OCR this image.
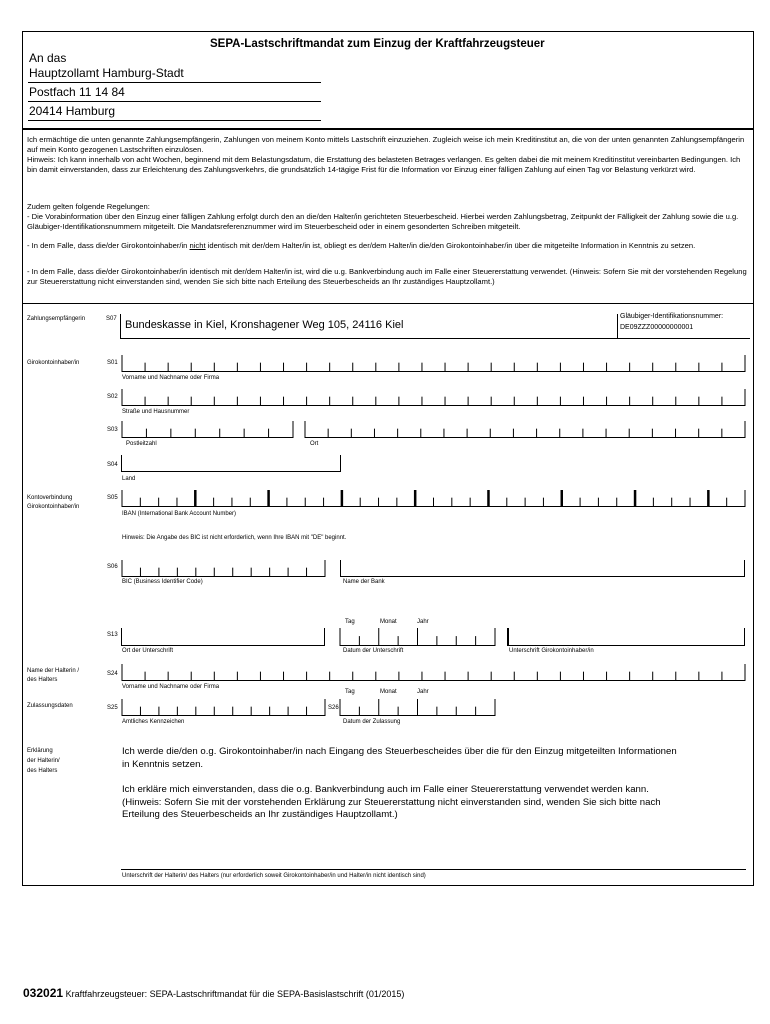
SEPA-Lastschriftmandat zum Einzug der Kraftfahrzeugsteuer
An das
Hauptzollamt Hamburg-Stadt
Postfach 11 14 84
20414 Hamburg
Ich ermächtige die unten genannte Zahlungsempfängerin, Zahlungen von meinem Konto mittels Lastschrift einzuziehen. Zugleich weise ich mein Kreditinstitut an, die von der unten genannten Zahlungsempfängerin auf mein Konto gezogenen Lastschriften einzulösen.
Hinweis: Ich kann innerhalb von acht Wochen, beginnend mit dem Belastungsdatum, die Erstattung des belasteten Betrages verlangen. Es gelten dabei die mit meinem Kreditinstitut vereinbarten Bedingungen. Ich bin damit einverstanden, dass zur Erleichterung des Zahlungsverkehrs, die grundsätzlich 14-tägige Frist für die Information vor Einzug einer fälligen Zahlung auf einen Tag vor Belastung verkürzt wird.
Zudem gelten folgende Regelungen:
- Die Vorabinformation über den Einzug einer fälligen Zahlung erfolgt durch den an die/den Halter/in gerichteten Steuerbescheid. Hierbei werden Zahlungsbetrag, Zeitpunkt der Fälligkeit der Zahlung sowie die u.g. Gläubiger-Identifikationsnummern mitgeteilt. Die Mandatsreferenznummer wird im Steuerbescheid oder in einem gesonderten Schreiben mitgeteilt.
- In dem Falle, dass die/der Girokontoinhaber/in nicht identisch mit der/dem Halter/in ist, obliegt es der/dem Halter/in die/den Girokontoinhaber/in über die mitgeteilte Information in Kenntnis zu setzen.
- In dem Falle, dass die/der Girokontoinhaber/in identisch mit der/dem Halter/in ist, wird die u.g. Bankverbindung auch im Falle einer Steuererstattung verwendet. (Hinweis: Sofern Sie mit der vorstehenden Regelung zur Steuererstattung nicht einverstanden sind, wenden Sie sich bitte nach Erteilung des Steuerbescheids an Ihr zuständiges Hauptzollamt.)
Zahlungsempfängerin	S07 Bundeskasse in Kiel, Kronshagener Weg 105, 24116 Kiel
Gläubiger-Identifikationsnummer:
DE09ZZZ00000000001
Girokontoinhaber/in	S01
Vorname und Nachname oder Firma
S02
Straße und Hausnummer
S03
Postleitzahl	Ort
S04
Land
Kontoverbindung
Girokontoinhaber/in
S05
IBAN (International Bank Account Number)
Hinweis: Die Angabe des BIC ist nicht erforderlich, wenn Ihre IBAN mit "DE" beginnt.
S06
BIC (Business Identifier Code)	Name der Bank
Tag	Monat	Jahr
S13
Ort der Unterschrift	Datum der Unterschrift	Unterschrift Girokontoinhaber/in
Name der Halterin /
des Halters
S24
Vorname und Nachname oder Firma
Tag	Monat	Jahr
Zulassungsdaten	S25	S26
Amtliches Kennzeichen	Datum der Zulassung
Erklärung
der Halterin/
des Halters
Ich werde die/den o.g. Girokontoinhaber/in nach Eingang des Steuerbescheides über die für den Einzug mitgeteilten Informationen in Kenntnis setzen.
Ich erkläre mich einverstanden, dass die o.g. Bankverbindung auch im Falle einer Steuererstattung verwendet werden kann. (Hinweis: Sofern Sie mit der vorstehenden Erklärung zur Steuererstattung nicht einverstanden sind, wenden Sie sich bitte nach Erteilung des Steuerbescheids an Ihr zuständiges Hauptzollamt.)
Unterschrift der Halterin/ des Halters (nur erforderlich soweit Girokontoinhaber/in und Halter/in nicht identisch sind)
032021 Kraftfahrzeugsteuer: SEPA-Lastschriftmandat für die SEPA-Basislastschrift (01/2015)
